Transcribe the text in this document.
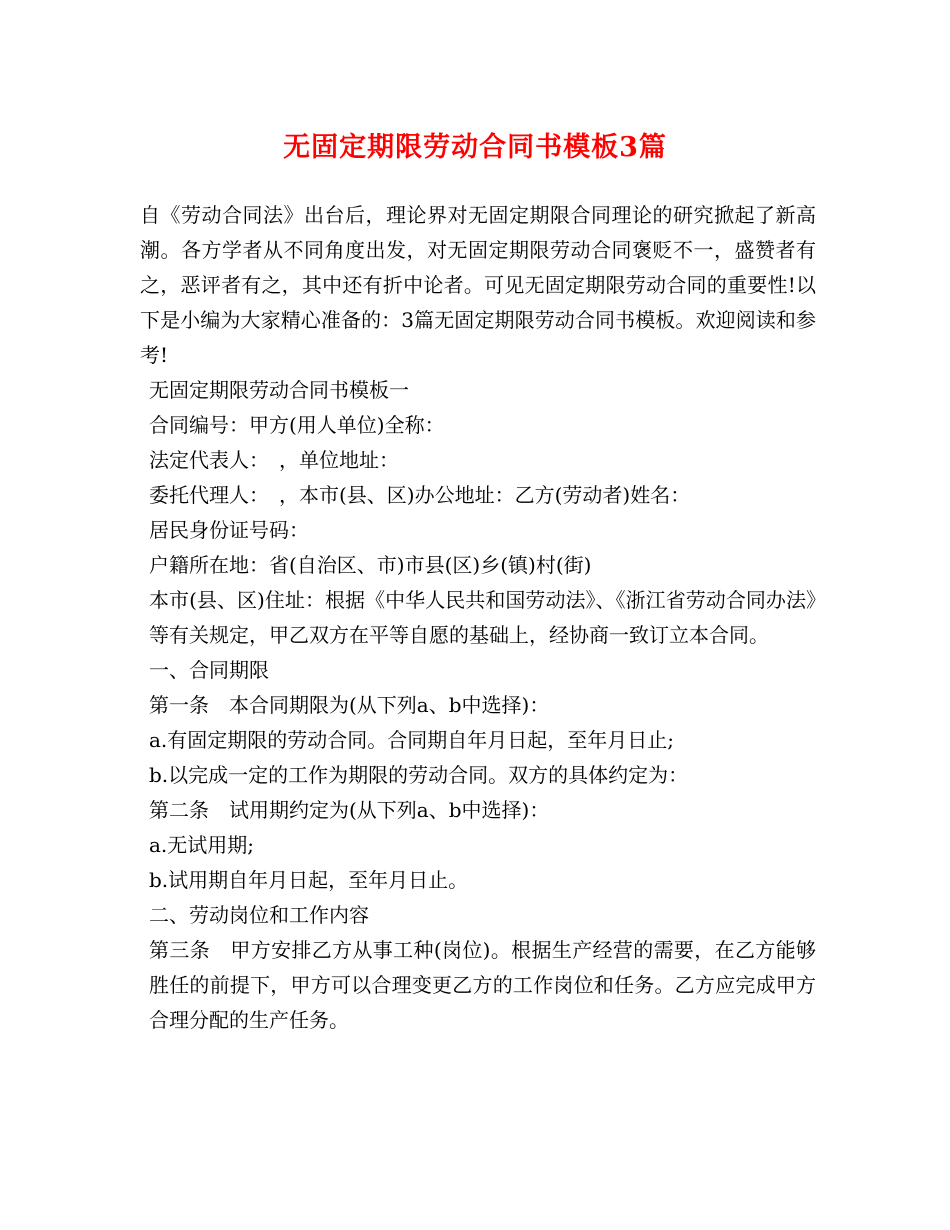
无固定期限劳动合同书模板3篇

自《劳动合同法》出台后，理论界对无固定期限合同理论的研究掀起了新高潮。各方学者从不同角度出发，对无固定期限劳动合同褒贬不一，盛赞者有之，恶评者有之，其中还有折中论者。可见无固定期限劳动合同的重要性!以下是小编为大家精心准备的：3篇无固定期限劳动合同书模板。欢迎阅读和参考!

无固定期限劳动合同书模板一

合同编号：甲方(用人单位)全称：

法定代表人：　，单位地址：

委托代理人：　，本市(县、区)办公地址：乙方(劳动者)姓名：

居民身份证号码：

户籍所在地：省(自治区、市)市县(区)乡(镇)村(街)

本市(县、区)住址：根据《中华人民共和国劳动法》、《浙江省劳动合同办法》等有关规定，甲乙双方在平等自愿的基础上，经协商一致订立本合同。

一、合同期限

第一条　本合同期限为(从下列a、b中选择)：

a.有固定期限的劳动合同。合同期自年月日起，至年月日止;

b.以完成一定的工作为期限的劳动合同。双方的具体约定为：

第二条　试用期约定为(从下列a、b中选择)：

a.无试用期;

b.试用期自年月日起，至年月日止。

二、劳动岗位和工作内容

第三条　甲方安排乙方从事工种(岗位)。根据生产经营的需要，在乙方能够胜任的前提下，甲方可以合理变更乙方的工作岗位和任务。乙方应完成甲方合理分配的生产任务。
